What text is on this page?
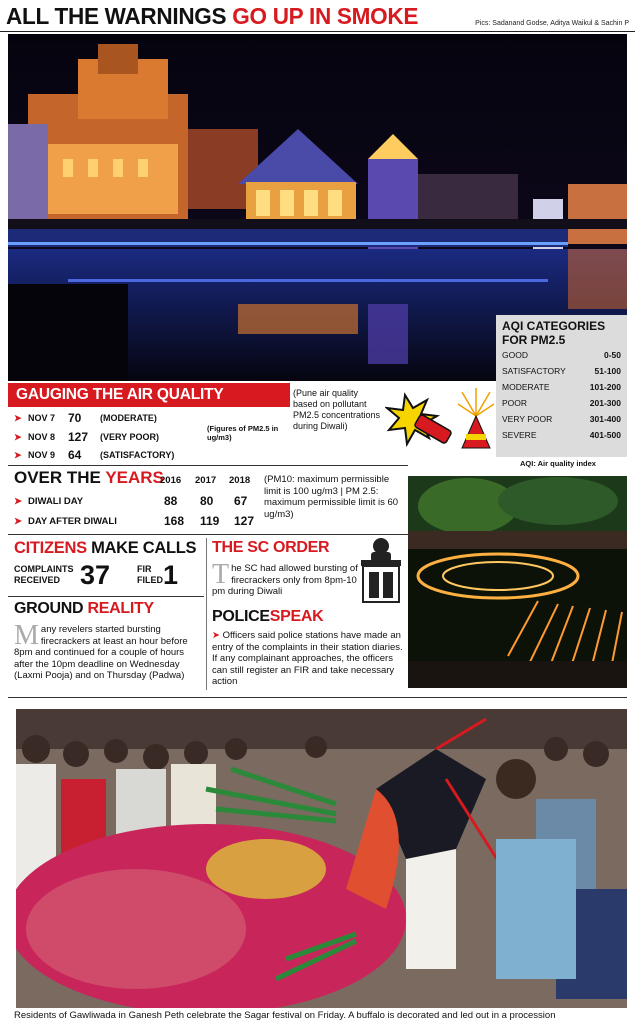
ALL THE WARNINGS GO UP IN SMOKE	Pics: Sadanand Godse, Aditya Waikul & Sachin P
AQI CATEGORIES
FOR PM2.5
GOOD	0-50
SATISFACTORY	51-100
MODERATE	101-200
POOR	201-300
VERY POOR	301-400
SEVERE	401-500
AQI: Air quality index
GAUGING THE AIR QUALITY
➤ NOV 7	70	(MODERATE)
➤ NOV 8	127	(VERY POOR)
➤ NOV 9	64	(SATISFACTORY)
(Figures of PM2.5 in ug/m3)
(Pune air quality based on pollutant PM2.5 concentrations during Diwali)
OVER THE YEARS
2016 2017 2018
➤ DIWALI DAY	88	80	67
➤ DAY AFTER DIWALI	168	119	127
(PM10: maximum permissible limit is 100 ug/m3 | PM 2.5: maximum permissible limit is 60 ug/m3)
CITIZENS MAKE CALLS
COMPLAINTS
RECEIVED 37	FIR
FILED 1
GROUND REALITY
Many revelers started bursting firecrackers at least an hour before 8pm and continued for a couple of hours after the 10pm deadline on Wednesday (Laxmi Pooja) and on Thursday (Padwa)
THE SC ORDER
The SC had allowed bursting of firecrackers only from 8pm-10 pm during Diwali
POLICESPEAK
➤ Officers said police stations have made an entry of the complaints in their station diaries. If any complainant approaches, the officers can still register an FIR and take necessary action
Residents of Gawliwada in Ganesh Peth celebrate the Sagar festival on Friday. A buffalo is decorated and led out in a procession
